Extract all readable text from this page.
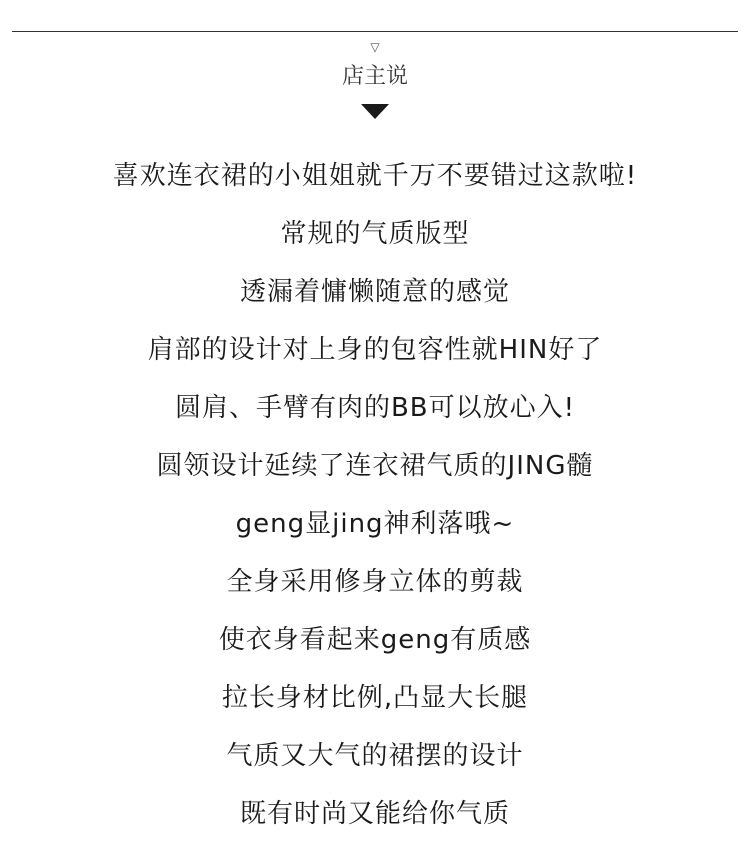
▽
店主说
喜欢连衣裙的小姐姐就千万不要错过这款啦!
常规的气质版型
透漏着慵懒随意的感觉
肩部的设计对上身的包容性就HIN好了
圆肩、手臂有肉的BB可以放心入!
圆领设计延续了连衣裙气质的JING髓
geng显jing神利落哦~
全身采用修身立体的剪裁
使衣身看起来geng有质感
拉长身材比例,凸显大长腿
气质又大气的裙摆的设计
既有时尚又能给你气质
